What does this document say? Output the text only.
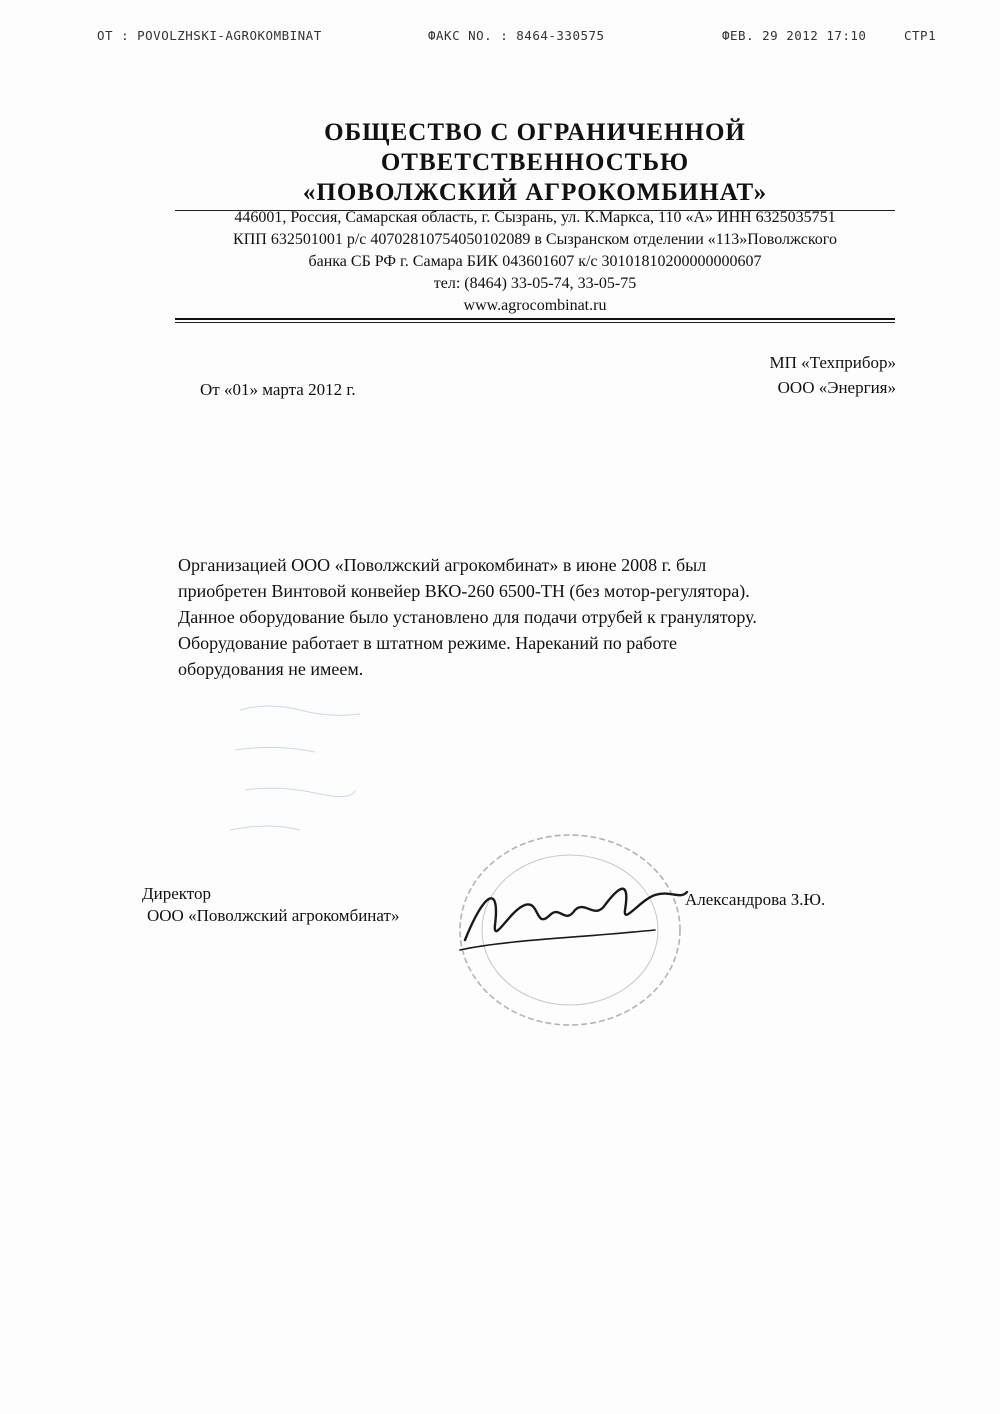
ОТ : POVOLZHSKI-AGROKOMBINAT	ФАКС NO. : 8464-330575	ФЕВ. 29 2012 17:10	СТР1
ОБЩЕСТВО С ОГРАНИЧЕННОЙ
ОТВЕТСТВЕННОСТЬЮ
«ПОВОЛЖСКИЙ АГРОКОМБИНАТ»
446001, Россия, Самарская область, г. Сызрань, ул. К.Маркса, 110 «А» ИНН 6325035751
КПП 632501001 р/с 40702810754050102089 в Сызранском отделении «113»Поволжского
банка СБ РФ г. Самара БИК 043601607 к/с 30101810200000000607
тел: (8464) 33-05-74, 33-05-75
www.agrocombinat.ru
МП «Техприбор»
ООО «Энергия»
От «01» марта 2012 г.
Организацией ООО «Поволжский агрокомбинат» в июне 2008 г. был
приобретен Винтовой конвейер ВКО-260 6500-ТН (без мотор-регулятора).
Данное оборудование было установлено для подачи отрубей к гранулятору.
Оборудование работает в штатном режиме. Нареканий по работе
оборудования не имеем.
Директор
ООО «Поволжский агрокомбинат»
Александрова З.Ю.
